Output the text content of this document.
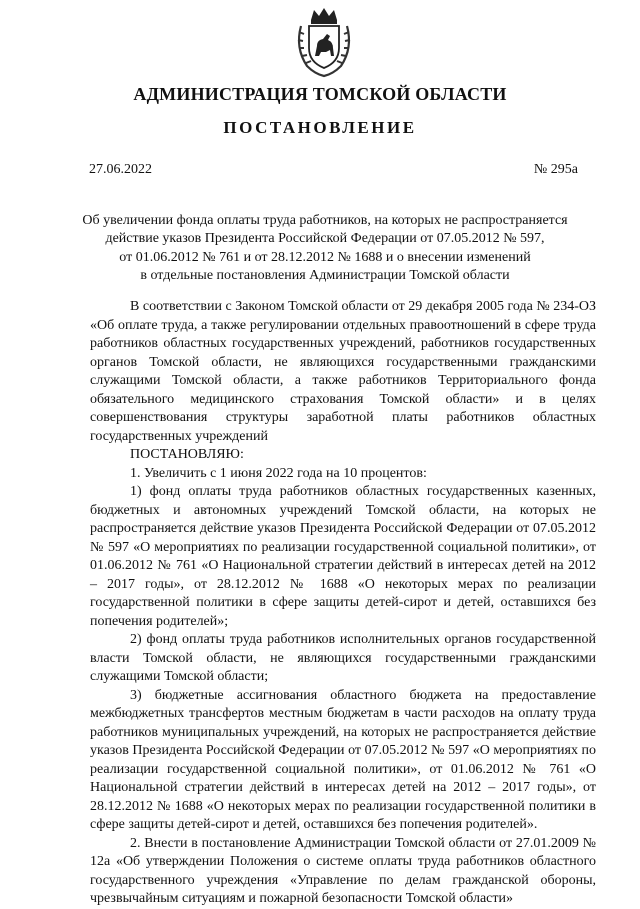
АДМИНИСТРАЦИЯ ТОМСКОЙ ОБЛАСТИ
ПОСТАНОВЛЕНИЕ
27.06.2022	№ 295а
Об увеличении фонда оплаты труда работников, на которых не распространяется
действие указов Президента Российской Федерации от 07.05.2012 № 597,
от 01.06.2012 № 761 и от 28.12.2012 № 1688 и о внесении изменений
в отдельные постановления Администрации Томской области

В соответствии с Законом Томской области от 29 декабря 2005 года № 234-ОЗ «Об оплате труда, а также регулировании отдельных правоотношений в сфере труда работников областных государственных учреждений, работников государственных органов Томской области, не являющихся государственными гражданскими служащими Томской области, а также работников Территориального фонда обязательного медицинского страхования Томской области» и в целях совершенствования структуры заработной платы работников областных государственных учреждений

ПОСТАНОВЛЯЮ:

1. Увеличить с 1 июня 2022 года на 10 процентов:

1) фонд оплаты труда работников областных государственных казенных, бюджетных и автономных учреждений Томской области, на которых не распространяется действие указов Президента Российской Федерации от 07.05.2012 № 597 «О мероприятиях по реализации государственной социальной политики», от 01.06.2012 № 761 «О Национальной стратегии действий в интересах детей на 2012 – 2017 годы», от 28.12.2012 № 1688 «О некоторых мерах по реализации государственной политики в сфере защиты детей-сирот и детей, оставшихся без попечения родителей»;

2) фонд оплаты труда работников исполнительных органов государственной власти Томской области, не являющихся государственными гражданскими служащими Томской области;

3) бюджетные ассигнования областного бюджета на предоставление межбюджетных трансфертов местным бюджетам в части расходов на оплату труда работников муниципальных учреждений, на которых не распространяется действие указов Президента Российской Федерации от 07.05.2012 № 597 «О мероприятиях по реализации государственной социальной политики», от 01.06.2012 № 761 «О Национальной стратегии действий в интересах детей на 2012 – 2017 годы», от 28.12.2012 № 1688 «О некоторых мерах по реализации государственной политики в сфере защиты детей-сирот и детей, оставшихся без попечения родителей».

2. Внести в постановление Администрации Томской области от 27.01.2009 № 12а «Об утверждении Положения о системе оплаты труда работников областного государственного учреждения «Управление по делам гражданской обороны, чрезвычайным ситуациям и пожарной безопасности Томской области»
